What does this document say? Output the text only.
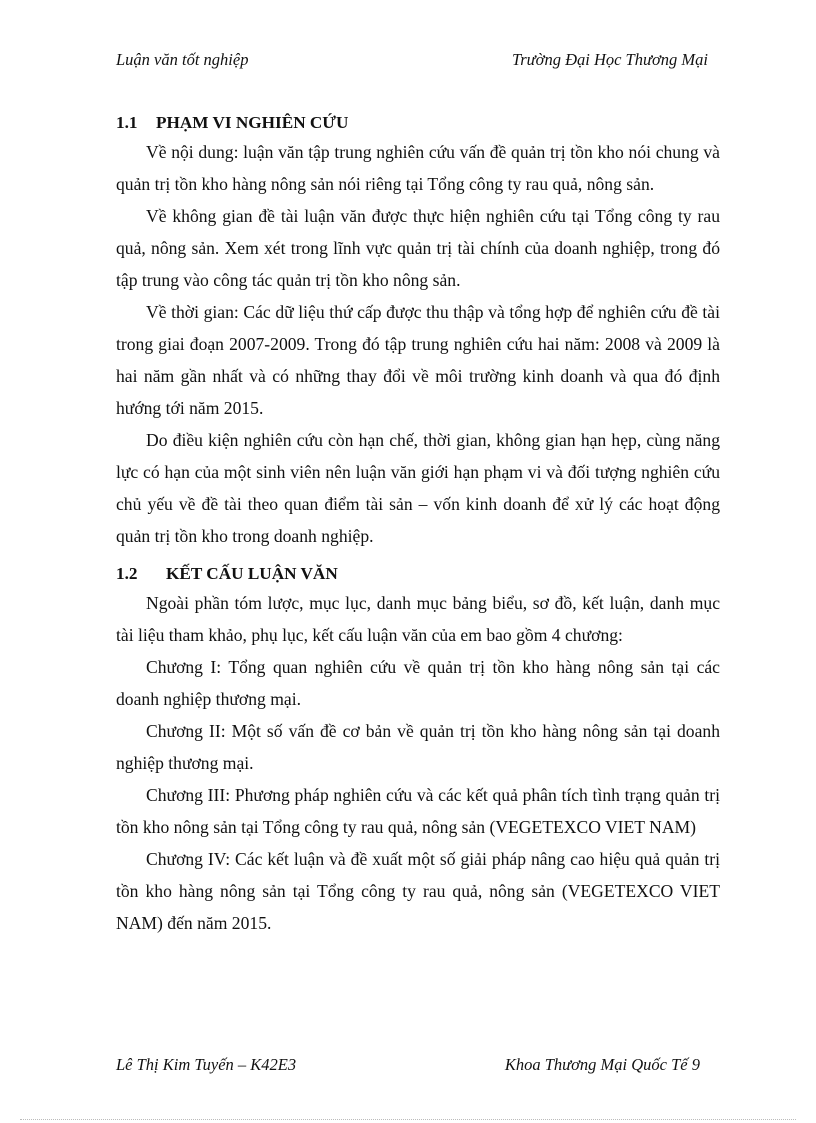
Luận văn tốt nghiệp	Trường Đại Học Thương Mại
1.1 PHẠM VI NGHIÊN CỨU

Về nội dung: luận văn tập trung nghiên cứu vấn đề quản trị tồn kho nói chung và quản trị tồn kho hàng nông sản nói riêng tại Tổng công ty rau quả, nông sản.

Về không gian đề tài luận văn được thực hiện nghiên cứu tại Tổng công ty rau quả, nông sản. Xem xét trong lĩnh vực quản trị tài chính của doanh nghiệp, trong đó tập trung vào công tác quản trị tồn kho nông sản.

Về thời gian: Các dữ liệu thứ cấp được thu thập và tổng hợp để nghiên cứu đề tài trong giai đoạn 2007-2009. Trong đó tập trung nghiên cứu hai năm: 2008 và 2009 là hai năm gần nhất và có những thay đổi về môi trường kinh doanh và qua đó định hướng tới năm 2015.

Do điều kiện nghiên cứu còn hạn chế, thời gian, không gian hạn hẹp, cùng năng lực có hạn của một sinh viên nên luận văn giới hạn phạm vi và đối tượng nghiên cứu chủ yếu về đề tài theo quan điểm tài sản – vốn kinh doanh để xử lý các hoạt động quản trị tồn kho trong doanh nghiệp.

1.2 KẾT CẤU LUẬN VĂN

Ngoài phần tóm lược, mục lục, danh mục bảng biểu, sơ đồ, kết luận, danh mục tài liệu tham khảo, phụ lục, kết cấu luận văn của em bao gồm 4 chương:

Chương I: Tổng quan nghiên cứu về quản trị tồn kho hàng nông sản tại các doanh nghiệp thương mại.

Chương II: Một số vấn đề cơ bản về quản trị tồn kho hàng nông sản tại doanh nghiệp thương mại.

Chương III: Phương pháp nghiên cứu và các kết quả phân tích tình trạng quản trị tồn kho nông sản tại Tổng công ty rau quả, nông sản (VEGETEXCO VIET NAM)

Chương IV: Các kết luận và đề xuất một số giải pháp nâng cao hiệu quả quản trị tồn kho hàng nông sản tại Tổng công ty rau quả, nông sản (VEGETEXCO VIET NAM) đến năm 2015.

Lê Thị Kim Tuyến – K42E3	Khoa Thương Mại Quốc Tế 9
